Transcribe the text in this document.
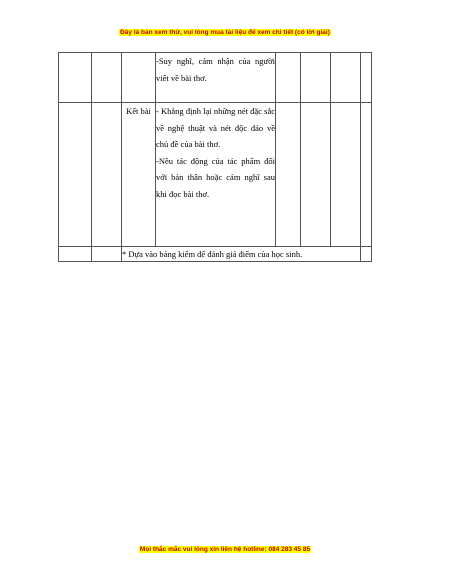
Đây là bản xem thử, vui lòng mua tài liệu để xem chi tiết (có lời giải)

			-Suy nghĩ, cảm nhận của người viết về bài thơ.				

		Kết bài	- Khẳng định lại những nét đặc sắc về nghệ thuật và nét độc đáo về chủ đề của bài thơ.

-Nêu tác động của tác phẩm đối với bản thân hoặc cảm nghĩ sau khi đọc bài thơ.				

		* Dựa vào bảng kiểm để đánh giá điểm của học sinh.					
Mọi thắc mắc vui lòng xin liên hệ hotline: 084 283 45 85
